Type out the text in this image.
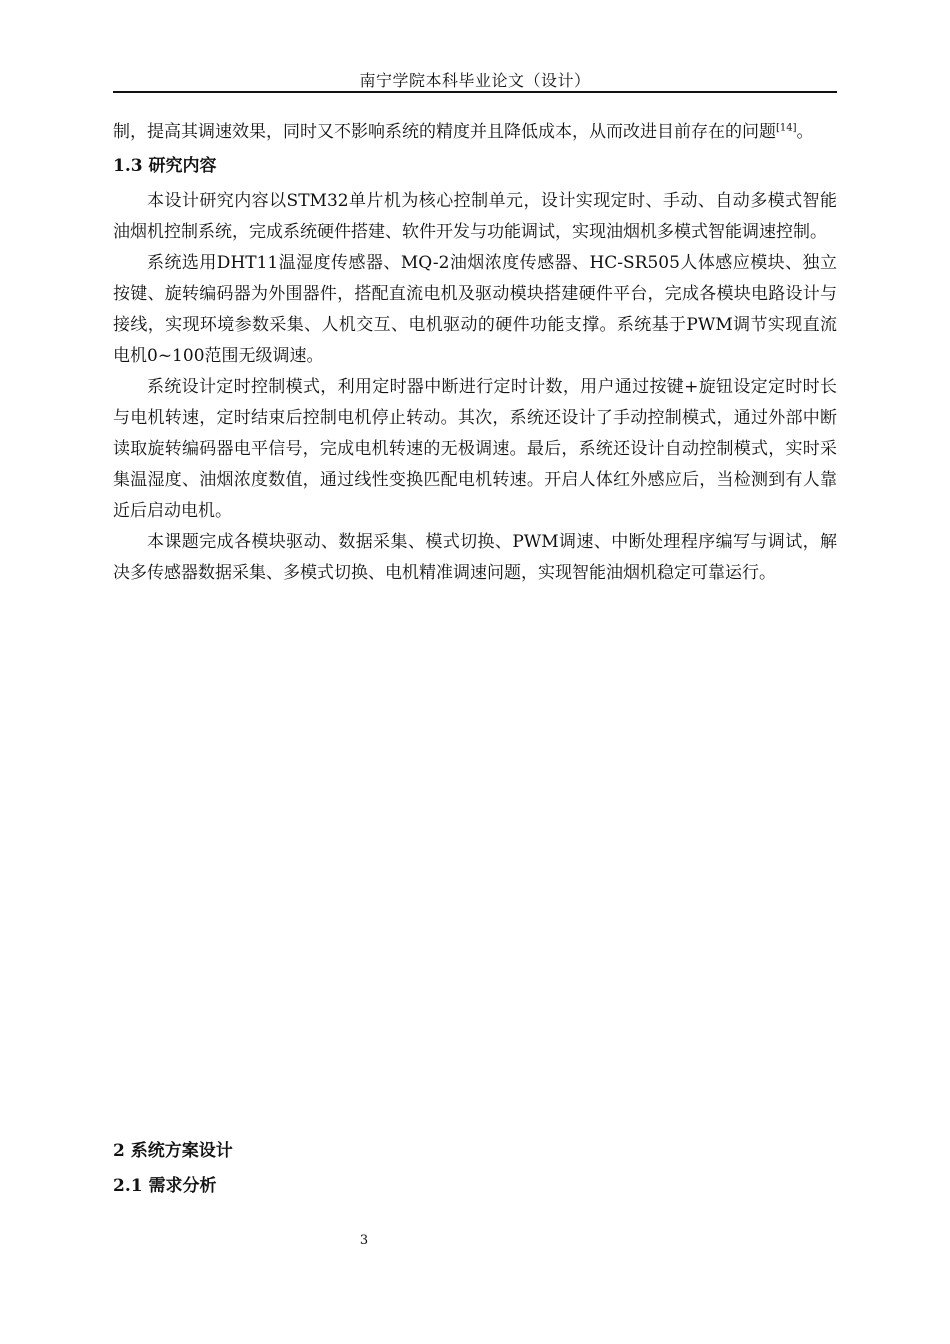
南宁学院本科毕业论文（设计）

制，提高其调速效果，同时又不影响系统的精度并且降低成本，从而改进目前存在的问题[14]。

1.3 研究内容

本设计研究内容以STM32单片机为核心控制单元，设计实现定时、手动、自动多模式智能油烟机控制系统，完成系统硬件搭建、软件开发与功能调试，实现油烟机多模式智能调速控制。

系统选用DHT11温湿度传感器、MQ-2油烟浓度传感器、HC-SR505人体感应模块、独立按键、旋转编码器为外围器件，搭配直流电机及驱动模块搭建硬件平台，完成各模块电路设计与接线，实现环境参数采集、人机交互、电机驱动的硬件功能支撑。系统基于PWM调节实现直流电机0~100范围无级调速。

系统设计定时控制模式，利用定时器中断进行定时计数，用户通过按键+旋钮设定定时时长与电机转速，定时结束后控制电机停止转动。其次，系统还设计了手动控制模式，通过外部中断读取旋转编码器电平信号，完成电机转速的无极调速。最后，系统还设计自动控制模式，实时采集温湿度、油烟浓度数值，通过线性变换匹配电机转速。开启人体红外感应后，当检测到有人靠近后启动电机。

本课题完成各模块驱动、数据采集、模式切换、PWM调速、中断处理程序编写与调试，解决多传感器数据采集、多模式切换、电机精准调速问题，实现智能油烟机稳定可靠运行。

2 系统方案设计

2.1 需求分析

3
